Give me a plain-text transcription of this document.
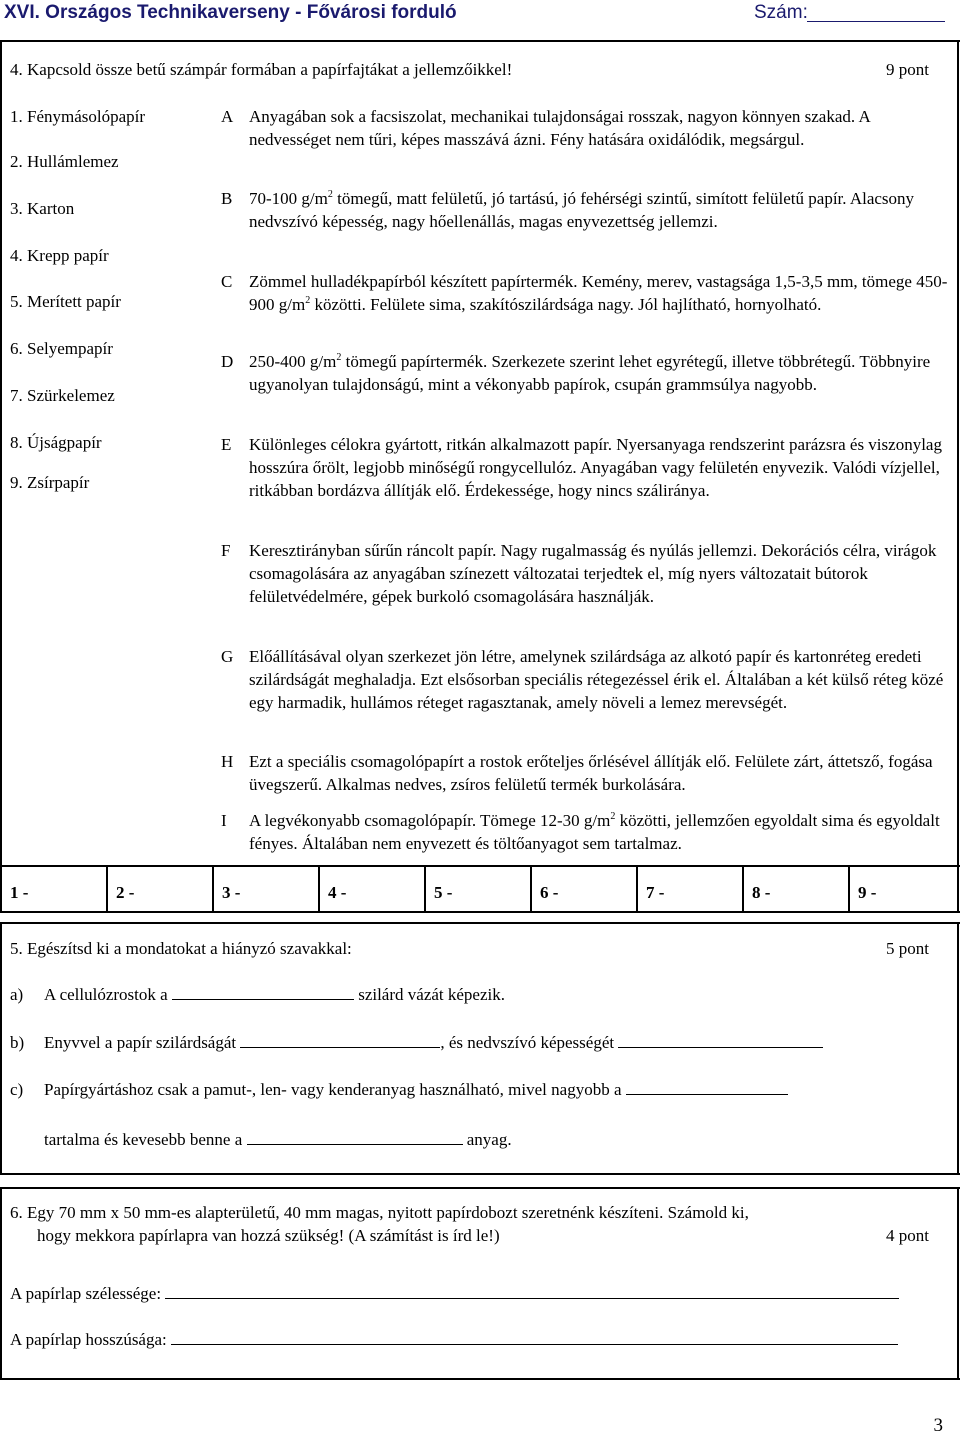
XVI. Országos Technikaverseny - Fővárosi forduló	Szám:
4. Kapcsold össze betű számpár formában a papírfajtákat a jellemzőikkel!	9 pont
1. Fénymásolópapír
2. Hullámlemez
3. Karton
4. Krepp papír
5. Merített papír
6. Selyempapír
7. Szürkelemez
8. Újságpapír
9. Zsírpapír
A Anyagában sok a facsiszolat, mechanikai tulajdonságai rosszak, nagyon könnyen szakad. A nedvességet nem tűri, képes masszává ázni. Fény hatására oxidálódik, megsárgul.

B 70-100 $g/m^2$ tömegű, matt felületű, jó tartású, jó fehérségi szintű, simított felületű papír. Alacsony nedvszívó képesség, nagy hőellenállás, magas enyvezettség jellemzi.

C Zömmel hulladékpapírból készített papírtermék. Kemény, merev, vastagsága 1,5-3,5 mm, tömege 450-900 $g/m^2$ közötti. Felülete sima, szakítószilárdsága nagy. Jól hajlítható, hornyolható.

D 250-400 $g/m^2$ tömegű papírtermék. Szerkezete szerint lehet egyrétegű, illetve többrétegű. Többnyire ugyanolyan tulajdonságú, mint a vékonyabb papírok, csupán grammsúlya nagyobb.

E	Különleges célokra gyártott, ritkán alkalmazott papír. Nyersanyaga rendszerint parázsra és viszonylag hosszúra őrölt, legjobb minőségű rongycellulóz. Anyagában vagy felületén enyvezik. Valódi vízjellel, ritkábban bordázva állítják elő. Érdekessége, hogy nincs száliránya.

F	Keresztirányban sűrűn ráncolt papír. Nagy rugalmasság és nyúlás jellemzi. Dekorációs célra, virágok csomagolására az anyagában színezett változatai terjedtek el, míg nyers változatait bútorok felületvédelmére, gépek burkoló csomagolására használják.

G Előállításával olyan szerkezet jön létre, amelynek szilárdsága az alkotó papír és kartonréteg eredeti szilárdságát meghaladja. Ezt elsősorban speciális rétegezéssel érik el. Általában a két külső réteg közé egy harmadik, hullámos réteget ragasztanak, amely növeli a lemez merevségét.

H Ezt a speciális csomagolópapírt a rostok erőteljes őrlésével állítják elő. Felülete zárt, áttetsző, fogása üvegszerű. Alkalmas nedves, zsíros felületű termék burkolására.

I	A legvékonyabb csomagolópapír. Tömege 12-30 $g/m^2$ közötti, jellemzően egyoldalt sima és egyoldalt fényes. Általában nem enyvezett és töltőanyagot sem tartalmaz.

1 -	2 -	3 -	4 -	5 -	6 -	7 -	8 -	9 -
5. Egészítsd ki a mondatokat a hiányzó szavakkal:	5 pont
a) A cellulózrostok a	szilárd vázát képezik.
b) Enyvvel a papír szilárdságát	, és nedvszívó képességét
c) Papírgyártáshoz csak a pamut-, len- vagy kenderanyag használható, mivel nagyobb a
tartalma és kevesebb benne a	anyag.
6. Egy 70 mm x 50 mm-es alapterületű, 40 mm magas, nyitott papírdobozt szeretnénk készíteni. Számold ki,
hogy mekkora papírlapra van hozzá szükség! (A számítást is írd le!)	4 pont
A papírlap szélessége:
A papírlap hosszúsága:
3
